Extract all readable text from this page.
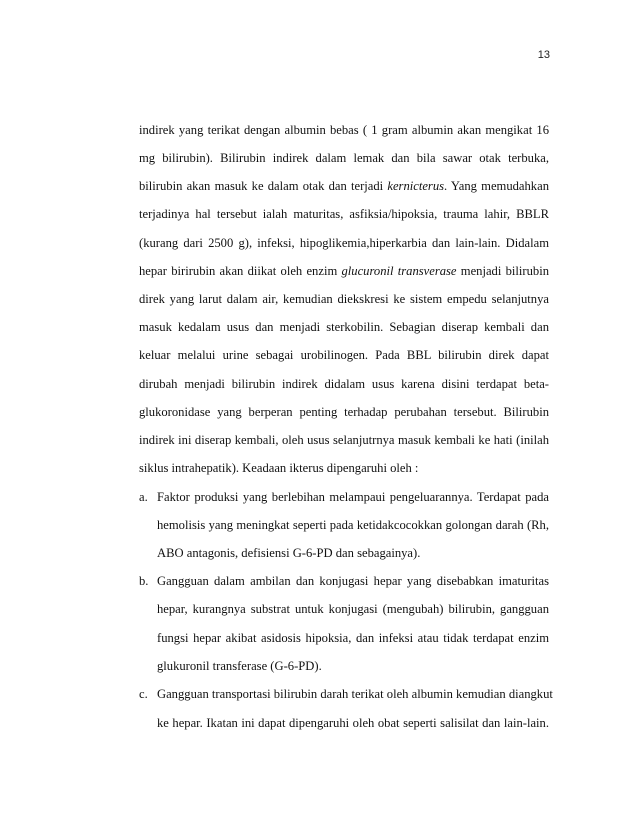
13
indirek yang terikat dengan albumin bebas ( 1 gram albumin akan mengikat 16
mg bilirubin). Bilirubin indirek dalam lemak dan bila sawar otak terbuka,
bilirubin akan masuk ke dalam otak dan terjadi kernicterus. Yang memudahkan
terjadinya hal tersebut ialah maturitas, asfiksia/hipoksia, trauma lahir, BBLR
(kurang dari 2500 g), infeksi, hipoglikemia,hiperkarbia dan lain-lain. Didalam
hepar birirubin akan diikat oleh enzim glucuronil transverase menjadi bilirubin
direk yang larut dalam air, kemudian diekskresi ke sistem empedu selanjutnya
masuk kedalam usus dan menjadi sterkobilin. Sebagian diserap kembali dan
keluar melalui urine sebagai urobilinogen. Pada BBL bilirubin direk dapat
dirubah menjadi bilirubin indirek didalam usus karena disini terdapat beta-
glukoronidase yang berperan penting terhadap perubahan tersebut. Bilirubin
indirek ini diserap kembali, oleh usus selanjutrnya masuk kembali ke hati (inilah
siklus intrahepatik). Keadaan ikterus dipengaruhi oleh :
a. Faktor produksi yang berlebihan melampaui pengeluarannya. Terdapat pada
hemolisis yang meningkat seperti pada ketidakcocokkan golongan darah (Rh,
ABO antagonis, defisiensi G-6-PD dan sebagainya).
b. Gangguan dalam ambilan dan konjugasi hepar yang disebabkan imaturitas
hepar, kurangnya substrat untuk konjugasi (mengubah) bilirubin, gangguan
fungsi hepar akibat asidosis hipoksia, dan infeksi atau tidak terdapat enzim
glukuronil transferase (G-6-PD).
c. Gangguan transportasi bilirubin darah terikat oleh albumin kemudian diangkut
ke hepar. Ikatan ini dapat dipengaruhi oleh obat seperti salisilat dan lain-lain.
